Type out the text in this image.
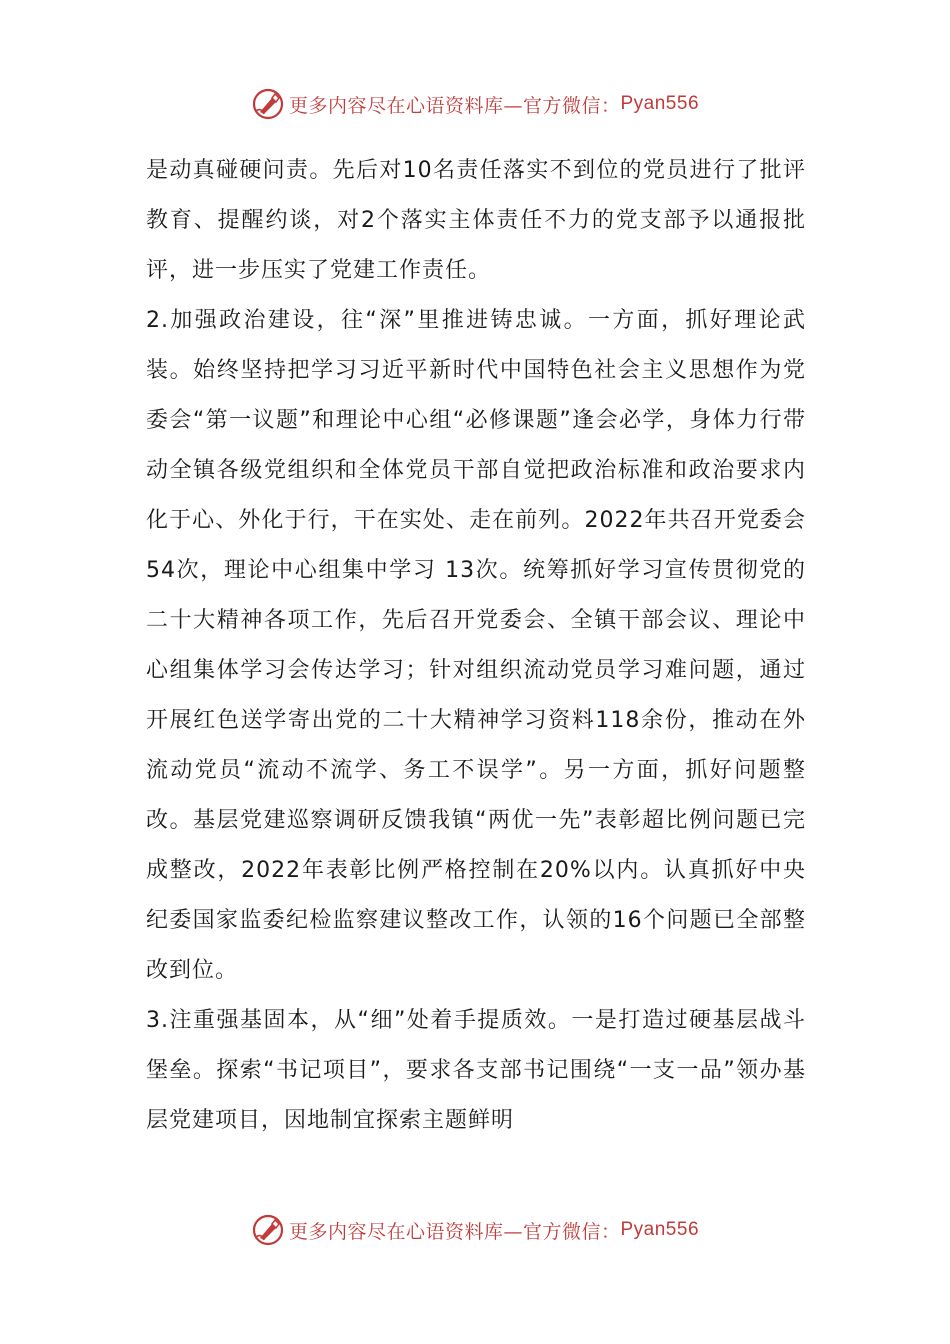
更多内容尽在心语资料库—官方微信： Pyan556

是动真碰硬问责。先后对10名责任落实不到位的党员进行了批评教育、提醒约谈，对2个落实主体责任不力的党支部予以通报批评，进一步压实了党建工作责任。

2.加强政治建设，往“深”里推进铸忠诚。一方面，抓好理论武装。始终坚持把学习习近平新时代中国特色社会主义思想作为党委会“第一议题”和理论中心组“必修课题”逢会必学，身体力行带动全镇各级党组织和全体党员干部自觉把政治标准和政治要求内化于心、外化于行，干在实处、走在前列。2022年共召开党委会54次，理论中心组集中学习 13次。统筹抓好学习宣传贯彻党的二十大精神各项工作，先后召开党委会、全镇干部会议、理论中心组集体学习会传达学习；针对组织流动党员学习难问题，通过开展红色送学寄出党的二十大精神学习资料118余份，推动在外流动党员“流动不流学、务工不误学”。另一方面，抓好问题整改。基层党建巡察调研反馈我镇“两优一先”表彰超比例问题已完成整改，2022年表彰比例严格控制在20%以内。认真抓好中央纪委国家监委纪检监察建议整改工作，认领的16个问题已全部整改到位。

3.注重强基固本，从“细”处着手提质效。一是打造过硬基层战斗堡垒。探索“书记项目”，要求各支部书记围绕“一支一品”领办基层党建项目，因地制宜探索主题鲜明

更多内容尽在心语资料库—官方微信： Pyan556
